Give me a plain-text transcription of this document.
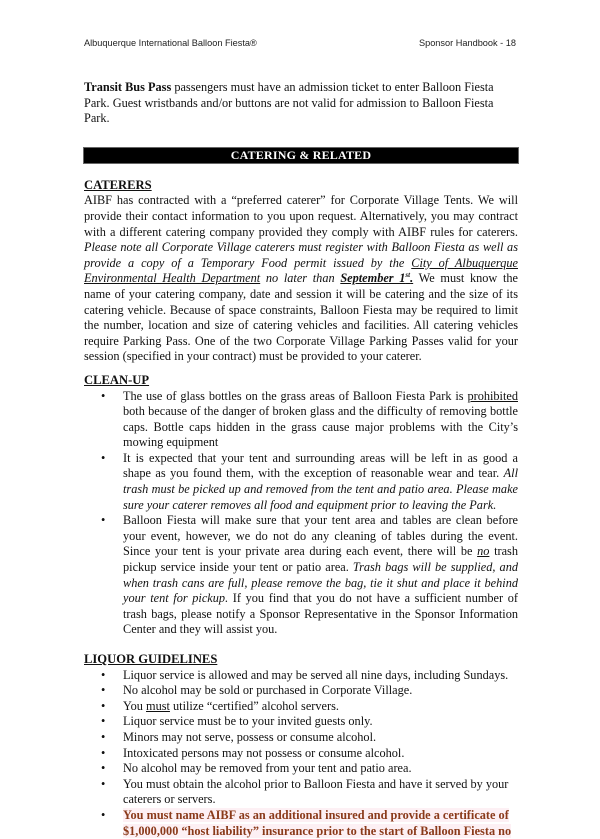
Albuquerque International Balloon Fiesta®	Sponsor Handbook - 18

Transit Bus Pass passengers must have an admission ticket to enter Balloon Fiesta Park. Guest wristbands and/or buttons are not valid for admission to Balloon Fiesta Park.

CATERING & RELATED
CATERERS

AIBF has contracted with a “preferred caterer” for Corporate Village Tents. We will provide their contact information to you upon request. Alternatively, you may contract with a different catering company provided they comply with AIBF rules for caterers. Please note all Corporate Village caterers must register with Balloon Fiesta as well as provide a copy of a Temporary Food permit issued by the City of Albuquerque Environmental Health Department no later than September 1st. We must know the name of your catering company, date and session it will be catering and the size of its catering vehicle. Because of space constraints, Balloon Fiesta may be required to limit the number, location and size of catering vehicles and facilities. All catering vehicles require Parking Pass. One of the two Corporate Village Parking Passes valid for your session (specified in your contract) must be provided to your caterer.

CLEAN-UP
• The use of glass bottles on the grass areas of Balloon Fiesta Park is prohibited both because of the danger of broken glass and the difficulty of removing bottle caps. Bottle caps hidden in the grass cause major problems with the City’s mowing equipment
• It is expected that your tent and surrounding areas will be left in as good a shape as you found them, with the exception of reasonable wear and tear. All trash must be picked up and removed from the tent and patio area. Please make sure your caterer removes all food and equipment prior to leaving the Park.
• Balloon Fiesta will make sure that your tent area and tables are clean before your event, however, we do not do any cleaning of tables during the event. Since your tent is your private area during each event, there will be no trash pickup service inside your tent or patio area. Trash bags will be supplied, and when trash cans are full, please remove the bag, tie it shut and place it behind your tent for pickup. If you find that you do not have a sufficient number of trash bags, please notify a Sponsor Representative in the Sponsor Information Center and they will assist you.
LIQUOR GUIDELINES
• Liquor service is allowed and may be served all nine days, including Sundays.
• No alcohol may be sold or purchased in Corporate Village.
• You must utilize “certified” alcohol servers.
• Liquor service must be to your invited guests only.
• Minors may not serve, possess or consume alcohol.
• Intoxicated persons may not possess or consume alcohol.
• No alcohol may be removed from your tent and patio area.
• You must obtain the alcohol prior to Balloon Fiesta and have it served by your caterers or servers.
• You must name AIBF as an additional insured and provide a certificate of $1,000,000 “host liability” insurance prior to the start of Balloon Fiesta no
